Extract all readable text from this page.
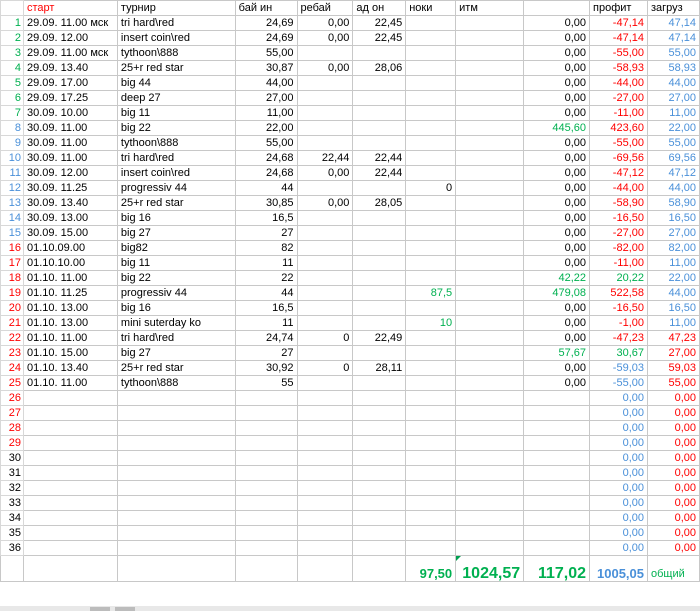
	старт	турнир	бай ин	ребай	ад он	ноки	итм		профит	загруз
1	29.09. 11.00 мск	tri hard\red	24,69	0,00	22,45			0,00	-47,14	47,14
2	29.09. 12.00	insert coin\red	24,69	0,00	22,45			0,00	-47,14	47,14
3	29.09. 11.00 мск	tythoon\888	55,00					0,00	-55,00	55,00
4	29.09. 13.40	25+r red star	30,87	0,00	28,06			0,00	-58,93	58,93
5	29.09. 17.00	big 44	44,00					0,00	-44,00	44,00
6	29.09. 17.25	deep 27	27,00					0,00	-27,00	27,00
7	30.09. 10.00	big 11	11,00					0,00	-11,00	11,00
8	30.09. 11.00	big 22	22,00					445,60	423,60	22,00
9	30.09. 11.00	tythoon\888	55,00					0,00	-55,00	55,00
10	30.09. 11.00	tri hard\red	24,68	22,44	22,44			0,00	-69,56	69,56
11	30.09. 12.00	insert coin\red	24,68	0,00	22,44			0,00	-47,12	47,12
12	30.09. 11.25	progressiv 44	44			0		0,00	-44,00	44,00
13	30.09. 13.40	25+r red star	30,85	0,00	28,05			0,00	-58,90	58,90
14	30.09. 13.00	big 16	16,5					0,00	-16,50	16,50
15	30.09. 15.00	big 27	27					0,00	-27,00	27,00
16	01.10.09.00	big82	82					0,00	-82,00	82,00
17	01.10.10.00	big 11	11					0,00	-11,00	11,00
18	01.10. 11.00	big 22	22					42,22	20,22	22,00
19	01.10. 11.25	progressiv 44	44			87,5		479,08	522,58	44,00
20	01.10. 13.00	big 16	16,5					0,00	-16,50	16,50
21	01.10. 13.00	mini suterday ko	11			10		0,00	-1,00	11,00
22	01.10. 11.00	tri hard\red	24,74	0	22,49			0,00	-47,23	47,23
23	01.10. 15.00	big 27	27					57,67	30,67	27,00
24	01.10. 13.40	25+r red star	30,92	0	28,11			0,00	-59,03	59,03
25	01.10. 11.00	tythoon\888	55					0,00	-55,00	55,00
26									0,00	0,00
27									0,00	0,00
28									0,00	0,00
29									0,00	0,00
30									0,00	0,00
31									0,00	0,00
32									0,00	0,00
33									0,00	0,00
34									0,00	0,00
35									0,00	0,00
36									0,00	0,00
						97,50	1024,57	117,02	1005,05	общий
